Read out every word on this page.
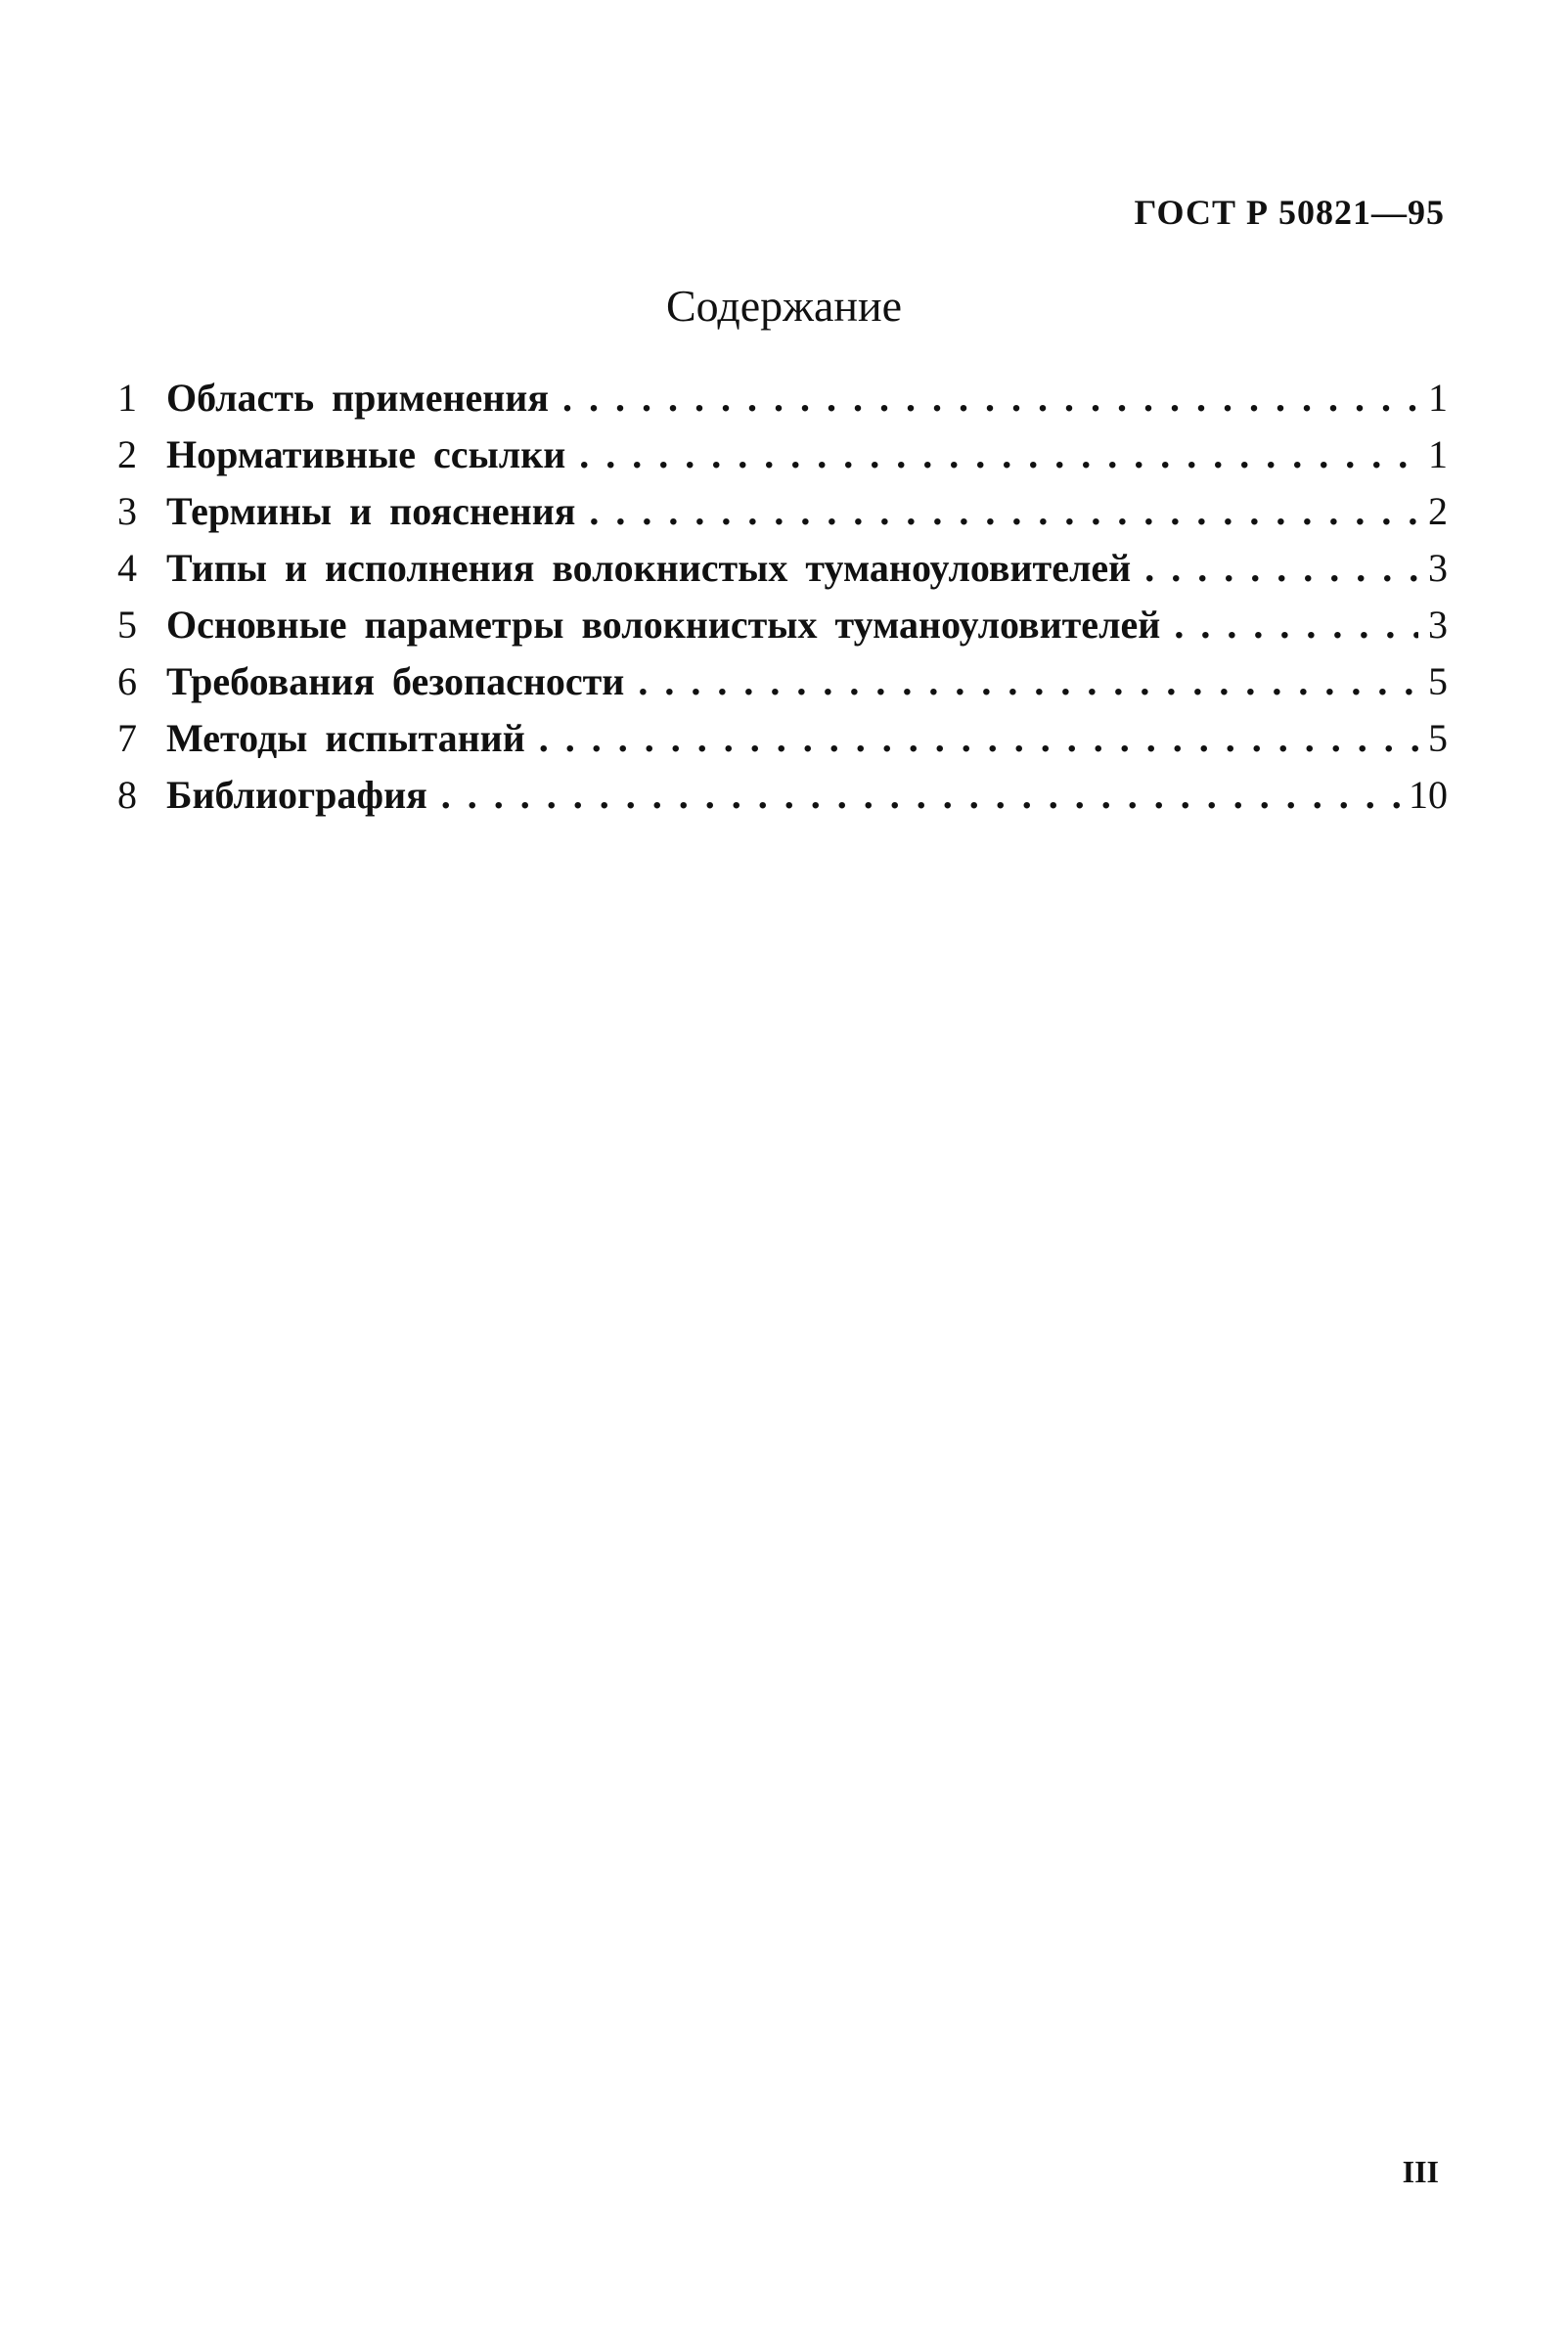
ГОСТ Р 50821—95
Содержание
1 Область применения .....	1
2 Нормативные ссылки .....	1
3 Термины и пояснения .....	2
4 Типы и исполнения волокнистых туманоуловителей .....	3
5 Основные параметры волокнистых туманоуловителей .....	3
6 Требования безопасности .....	5
7 Методы испытаний .....	5
8 Библиография .....	10
III
